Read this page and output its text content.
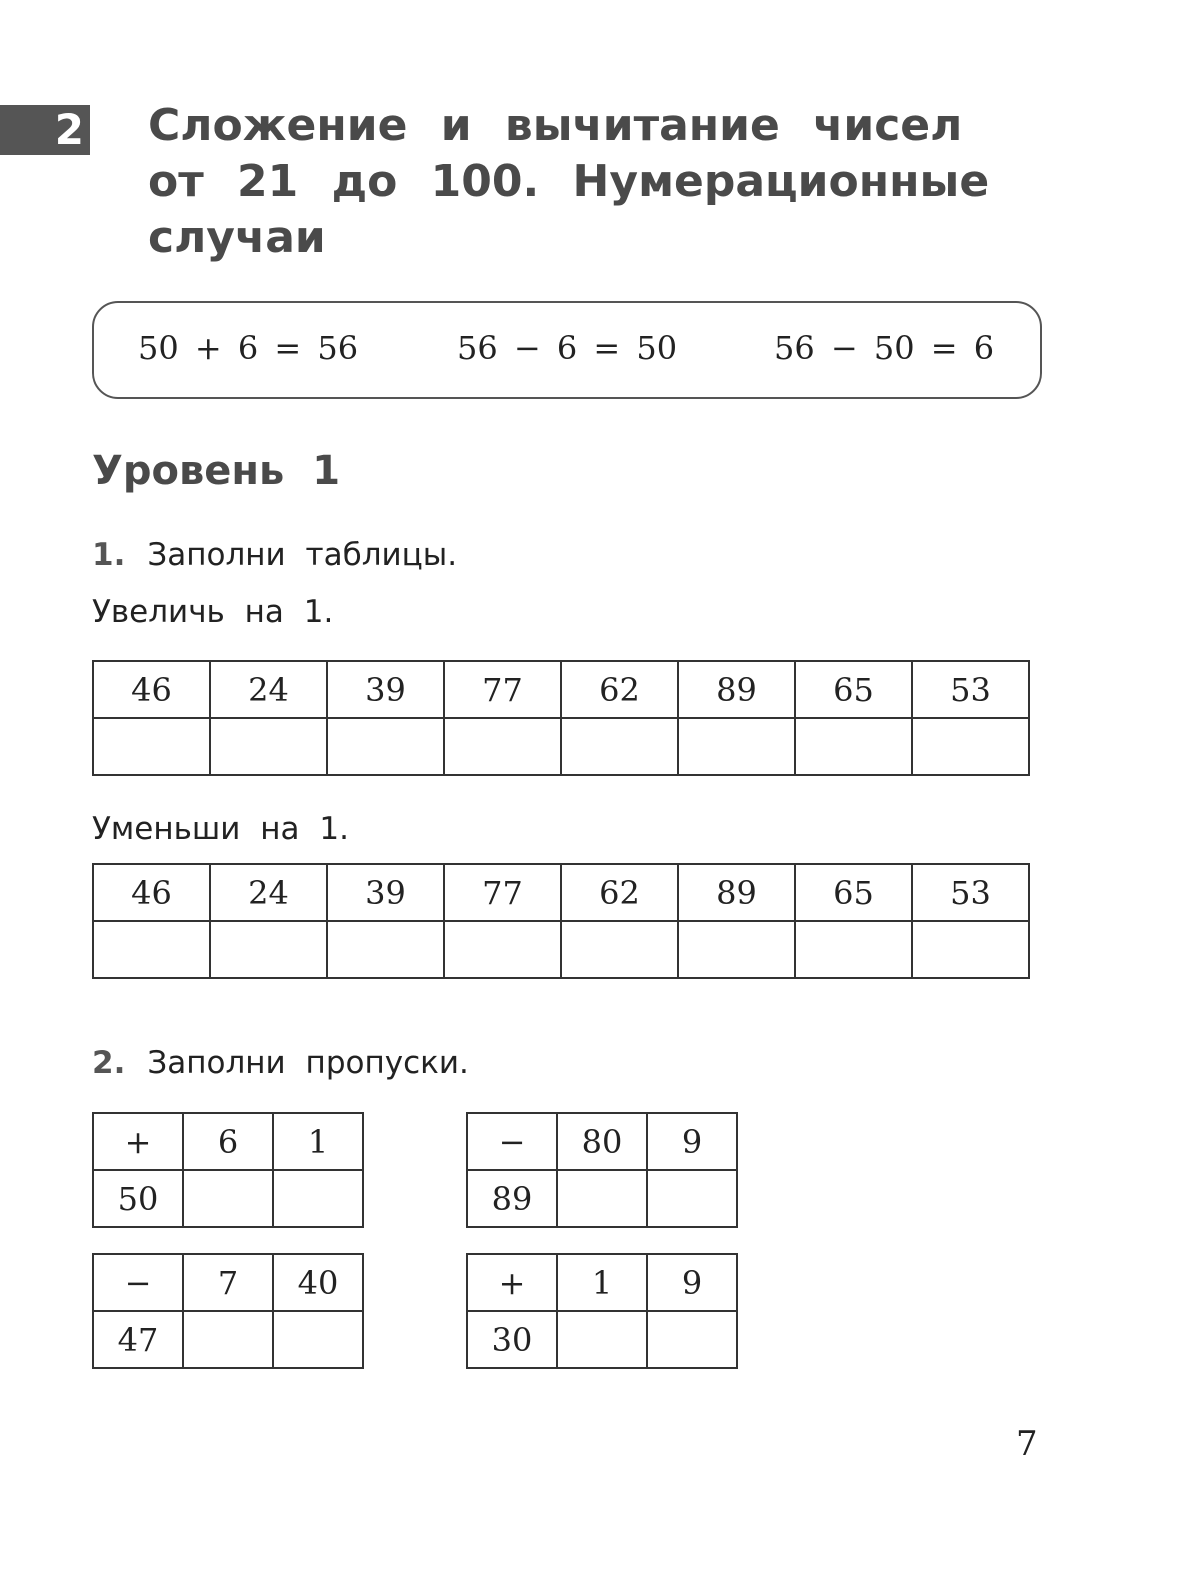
2 Сложение и вычитание чисел
от 21 до 100. Нумерационные
случаи
50 + 6 = 56	56 − 6 = 50	56 − 50 = 6
Уровень 1

1. Заполни таблицы.

Увеличь на 1.

46	24	39	77	62	89	65	53

Уменьши на 1.

46	24	39	77	62	89	65	53

2. Заполни пропуски.

+	6	1
50		
−	80	9
89		
−	7	40
47		
+	1	9
30		
7
